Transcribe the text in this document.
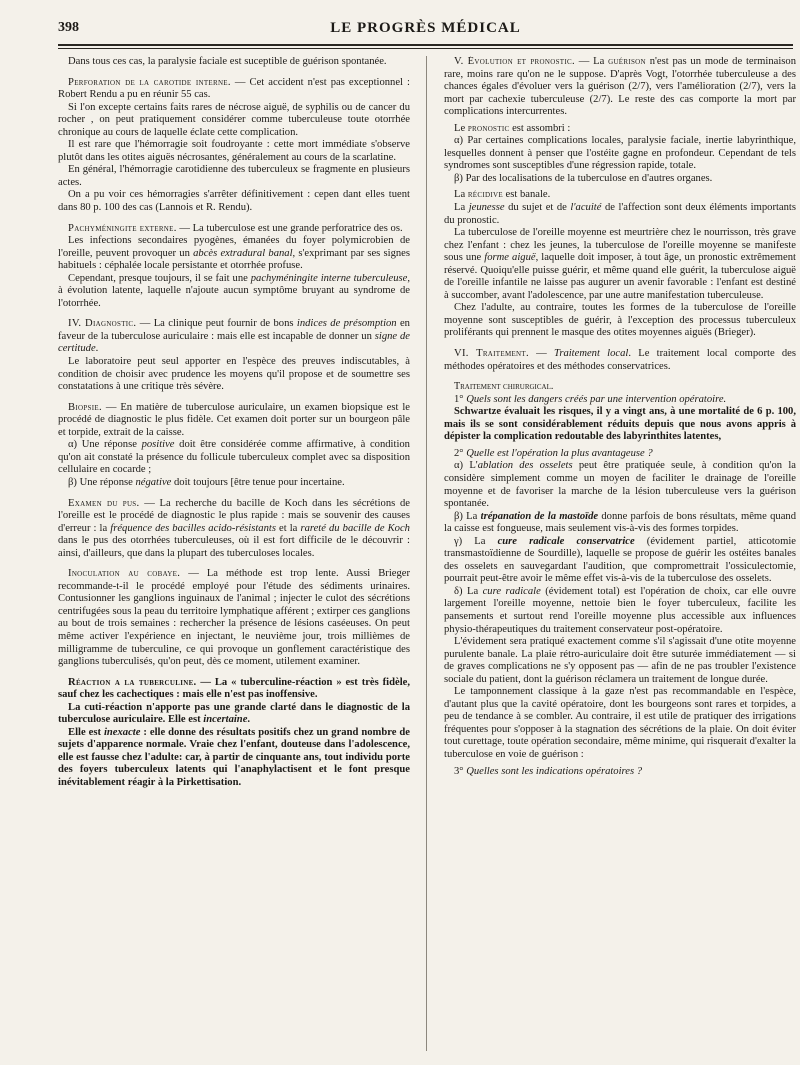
398	LE PROGRÈS MÉDICAL

Dans tous ces cas, la paralysie faciale est suceptible de guérison spontanée.

Perforation de la carotide interne. — Cet accident n'est pas exceptionnel : Robert Rendu a pu en réunir 55 cas.

Si l'on excepte certains faits rares de nécrose aiguë, de syphilis ou de cancer du rocher , on peut pratiquement considérer comme tuberculeuse toute otorrhée chronique au cours de laquelle éclate cette complication.

Il est rare que l'hémorragie soit foudroyante : cette mort immédiate s'observe plutôt dans les otites aiguës nécrosantes, généralement au cours de la scarlatine.

En général, l'hémorragie carotidienne des tuberculeux se fragmente en plusieurs actes.

On a pu voir ces hémorragies s'arrêter définitivement : cepen dant elles tuent dans 80 p. 100 des cas (Lannois et R. Rendu).

Pachyméningite externe. — La tuberculose est une grande perforatrice des os.

Les infections secondaires pyogènes, émanées du foyer polymicrobien de l'oreille, peuvent provoquer un abcès extradural banal, s'exprimant par ses signes habituels : céphalée locale persistante et otorrhée profuse.

Cependant, presque toujours, il se fait une pachyméningite interne tuberculeuse, à évolution latente, laquelle n'ajoute aucun symptôme bruyant au syndrome de l'otorrhée.

IV. Diagnostic. — La clinique peut fournir de bons indices de présomption en faveur de la tuberculose auriculaire : mais elle est incapable de donner un signe de certitude.

Le laboratoire peut seul apporter en l'espèce des preuves indiscutables, à condition de choisir avec prudence les moyens qu'il propose et de soumettre ses constatations à une critique très sévère.

Biopsie. — En matière de tuberculose auriculaire, un examen biopsique est le procédé de diagnostic le plus fidèle. Cet examen doit porter sur un bourgeon pâle et torpide, extrait de la caisse.

α) Une réponse positive doit être considérée comme affirmative, à condition qu'on ait constaté la présence du follicule tuberculeux complet avec sa disposition cellulaire en cocarde ;

β) Une réponse négative doit toujours [être tenue pour incertaine.

Examen du pus. — La recherche du bacille de Koch dans les sécrétions de l'oreille est le procédé de diagnostic le plus rapide : mais se souvenir des causes d'erreur : la fréquence des bacilles acido-résistants et la rareté du bacille de Koch dans le pus des otorrhées tuberculeuses, où il est fort difficile de le découvrir : ainsi, d'ailleurs, que dans la plupart des tuberculoses locales.

Inoculation au cobaye. — La méthode est trop lente. Aussi Brieger recommande-t-il le procédé employé pour l'étude des sédiments urinaires. Contusionner les ganglions inguinaux de l'animal ; injecter le culot des sécrétions centrifugées sous la peau du territoire lymphatique afférent ; extirper ces ganglions au bout de trois semaines : rechercher la présence de lésions caséeuses. On peut même activer l'expérience en injectant, le neuvième jour, trois millièmes de milligramme de tuberculine, ce qui provoque un gonflement caractéristique des ganglions tuberculisés, qu'on peut, dès ce moment, utilement examiner.

Réaction a la tuberculine. — La « tuberculine-réaction » est très fidèle, sauf chez les cachectiques : mais elle n'est pas inoffensive.

La cuti-réaction n'apporte pas une grande clarté dans le diagnostic de la tuberculose auriculaire. Elle est incertaine.

Elle est inexacte : elle donne des résultats positifs chez un grand nombre de sujets d'apparence normale. Vraie chez l'enfant, douteuse dans l'adolescence, elle est fausse chez l'adulte: car, à partir de cinquante ans, tout individu porte des foyers tuberculeux latents qui l'anaphylactisent et le font presque inévitablement réagir à la Pirkettisation.

V. Évolution et pronostic. — La guérison n'est pas un mode de terminaison rare, moins rare qu'on ne le suppose. D'après Vogt, l'otorrhée tuberculeuse a des chances égales d'évoluer vers la guérison (2/7), vers l'amélioration (2/7), vers la mort par cachexie tuberculeuse (2/7). Le reste des cas comporte la mort par complications intercurrentes.

Le pronostic est assombri :

α) Par certaines complications locales, paralysie faciale, inertie labyrinthique, lesquelles donnent à penser que l'ostéite gagne en profondeur. Cependant de tels syndromes sont susceptibles d'une régression rapide, totale.

β) Par des localisations de la tuberculose en d'autres organes.

La récidive est banale.

La jeunesse du sujet et de l'acuité de l'affection sont deux éléments importants du pronostic.

La tuberculose de l'oreille moyenne est meurtrière chez le nourrisson, très grave chez l'enfant : chez les jeunes, la tuberculose de l'oreille moyenne se manifeste sous une forme aiguë, laquelle doit imposer, à tout âge, un pronostic extrêmement réservé. Quoiqu'elle puisse guérir, et même quand elle guérit, la tuberculose aiguë de l'oreille infantile ne laisse pas augurer un avenir favorable : l'enfant est destiné à succomber, avant l'adolescence, par une autre manifestation tuberculeuse.

Chez l'adulte, au contraire, toutes les formes de la tuberculose de l'oreille moyenne sont susceptibles de guérir, à l'exception des processus tuberculeux proliférants qui prennent le masque des otites moyennes aiguës (Brieger).

VI. Traitement. — Traitement local. Le traitement local comporte des méthodes opératoires et des méthodes conservatrices.

Traitement chirurgical.

1° Quels sont les dangers créés par une intervention opératoire.

Schwartze évaluait les risques, il y a vingt ans, à une mortalité de 6 p. 100, mais ils se sont considérablement réduits depuis que nous avons appris à dépister la complication redoutable des labyrinthites latentes,

2° Quelle est l'opération la plus avantageuse ?

α) L'ablation des osselets peut être pratiquée seule, à condition qu'on la considère simplement comme un moyen de faciliter le drainage de l'oreille moyenne et de favoriser la marche de la lésion tuberculeuse vers la guérison spontanée.

β) La trépanation de la mastoïde donne parfois de bons résultats, même quand la caisse est fongueuse, mais seulement vis-à-vis des formes torpides.

γ) La cure radicale conservatrice (évidement partiel, atticotomie transmastoïdienne de Sourdille), laquelle se propose de guérir les ostéites banales des osselets en sauvegardant l'audition, que compromettrait l'ossiculectomie, pourrait peut-être avoir le même effet vis-à-vis de la tuberculose des osselets.

δ) La cure radicale (évidement total) est l'opération de choix, car elle ouvre largement l'oreille moyenne, nettoie bien le foyer tuberculeux, facilite les pansements et surtout rend l'oreille moyenne plus accessible aux influences physio-thérapeutiques du traitement conservateur post-opératoire.

L'évidement sera pratiqué exactement comme s'il s'agissait d'une otite moyenne purulente banale. La plaie rétro-auriculaire doit être suturée immédiatement — si de graves complications ne s'y opposent pas — afin de ne pas troubler l'existence sociale du patient, dont la guérison réclamera un traitement de longue durée.

Le tamponnement classique à la gaze n'est pas recommandable en l'espèce, d'autant plus que la cavité opératoire, dont les bourgeons sont rares et torpides, a peu de tendance à se combler. Au contraire, il est utile de pratiquer des irrigations fréquentes pour s'opposer à la stagnation des sécrétions de la plaie. On doit éviter tout curettage, toute opération secondaire, même minime, qui risquerait d'exalter la tuberculose en voie de guérison :

3° Quelles sont les indications opératoires ?
